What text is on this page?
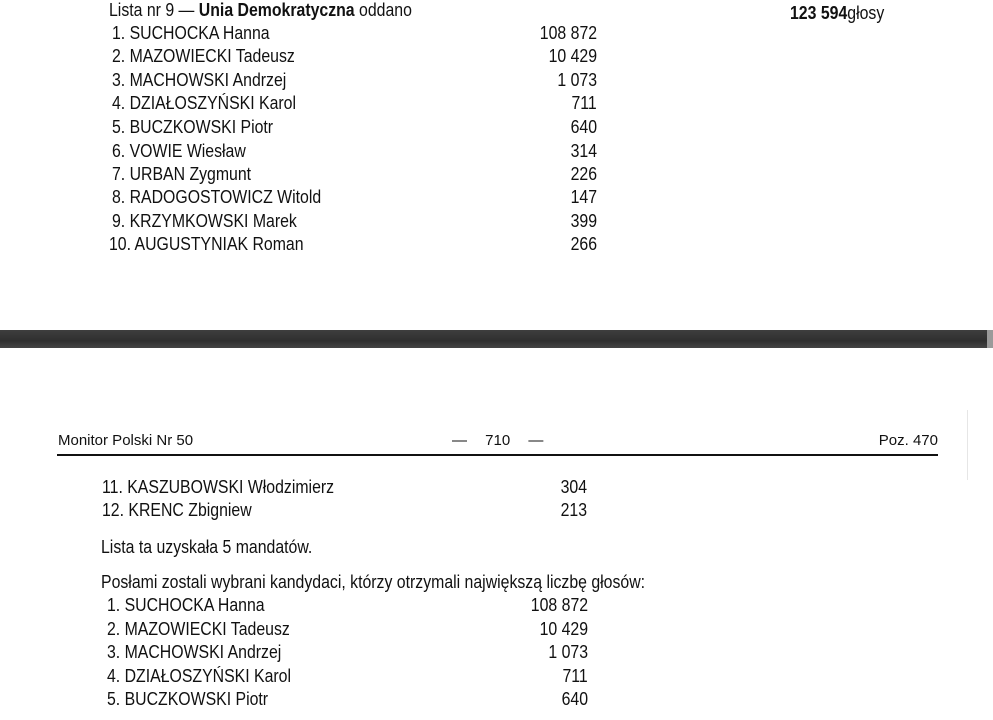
Lista nr 9 — Unia Demokratyczna oddano	123 594głosy
1. SUCHOCKA Hanna	108 872
2. MAZOWIECKI Tadeusz	10 429
3. MACHOWSKI Andrzej	1 073
4. DZIAŁOSZYŃSKI Karol	711
5. BUCZKOWSKI Piotr	640
6. VOWIE Wiesław	314
7. URBAN Zygmunt	226
8. RADOGOSTOWICZ Witold	147
9. KRZYMKOWSKI Marek	399
10. AUGUSTYNIAK Roman	266
Monitor Polski Nr 50	— 710 —	Poz. 470
11. KASZUBOWSKI Włodzimierz	304
12. KRENC Zbigniew	213
Lista ta uzyskała 5 mandatów.
Posłami zostali wybrani kandydaci, którzy otrzymali największą liczbę głosów:
1. SUCHOCKA Hanna	108 872
2. MAZOWIECKI Tadeusz	10 429
3. MACHOWSKI Andrzej	1 073
4. DZIAŁOSZYŃSKI Karol	711
5. BUCZKOWSKI Piotr	640
